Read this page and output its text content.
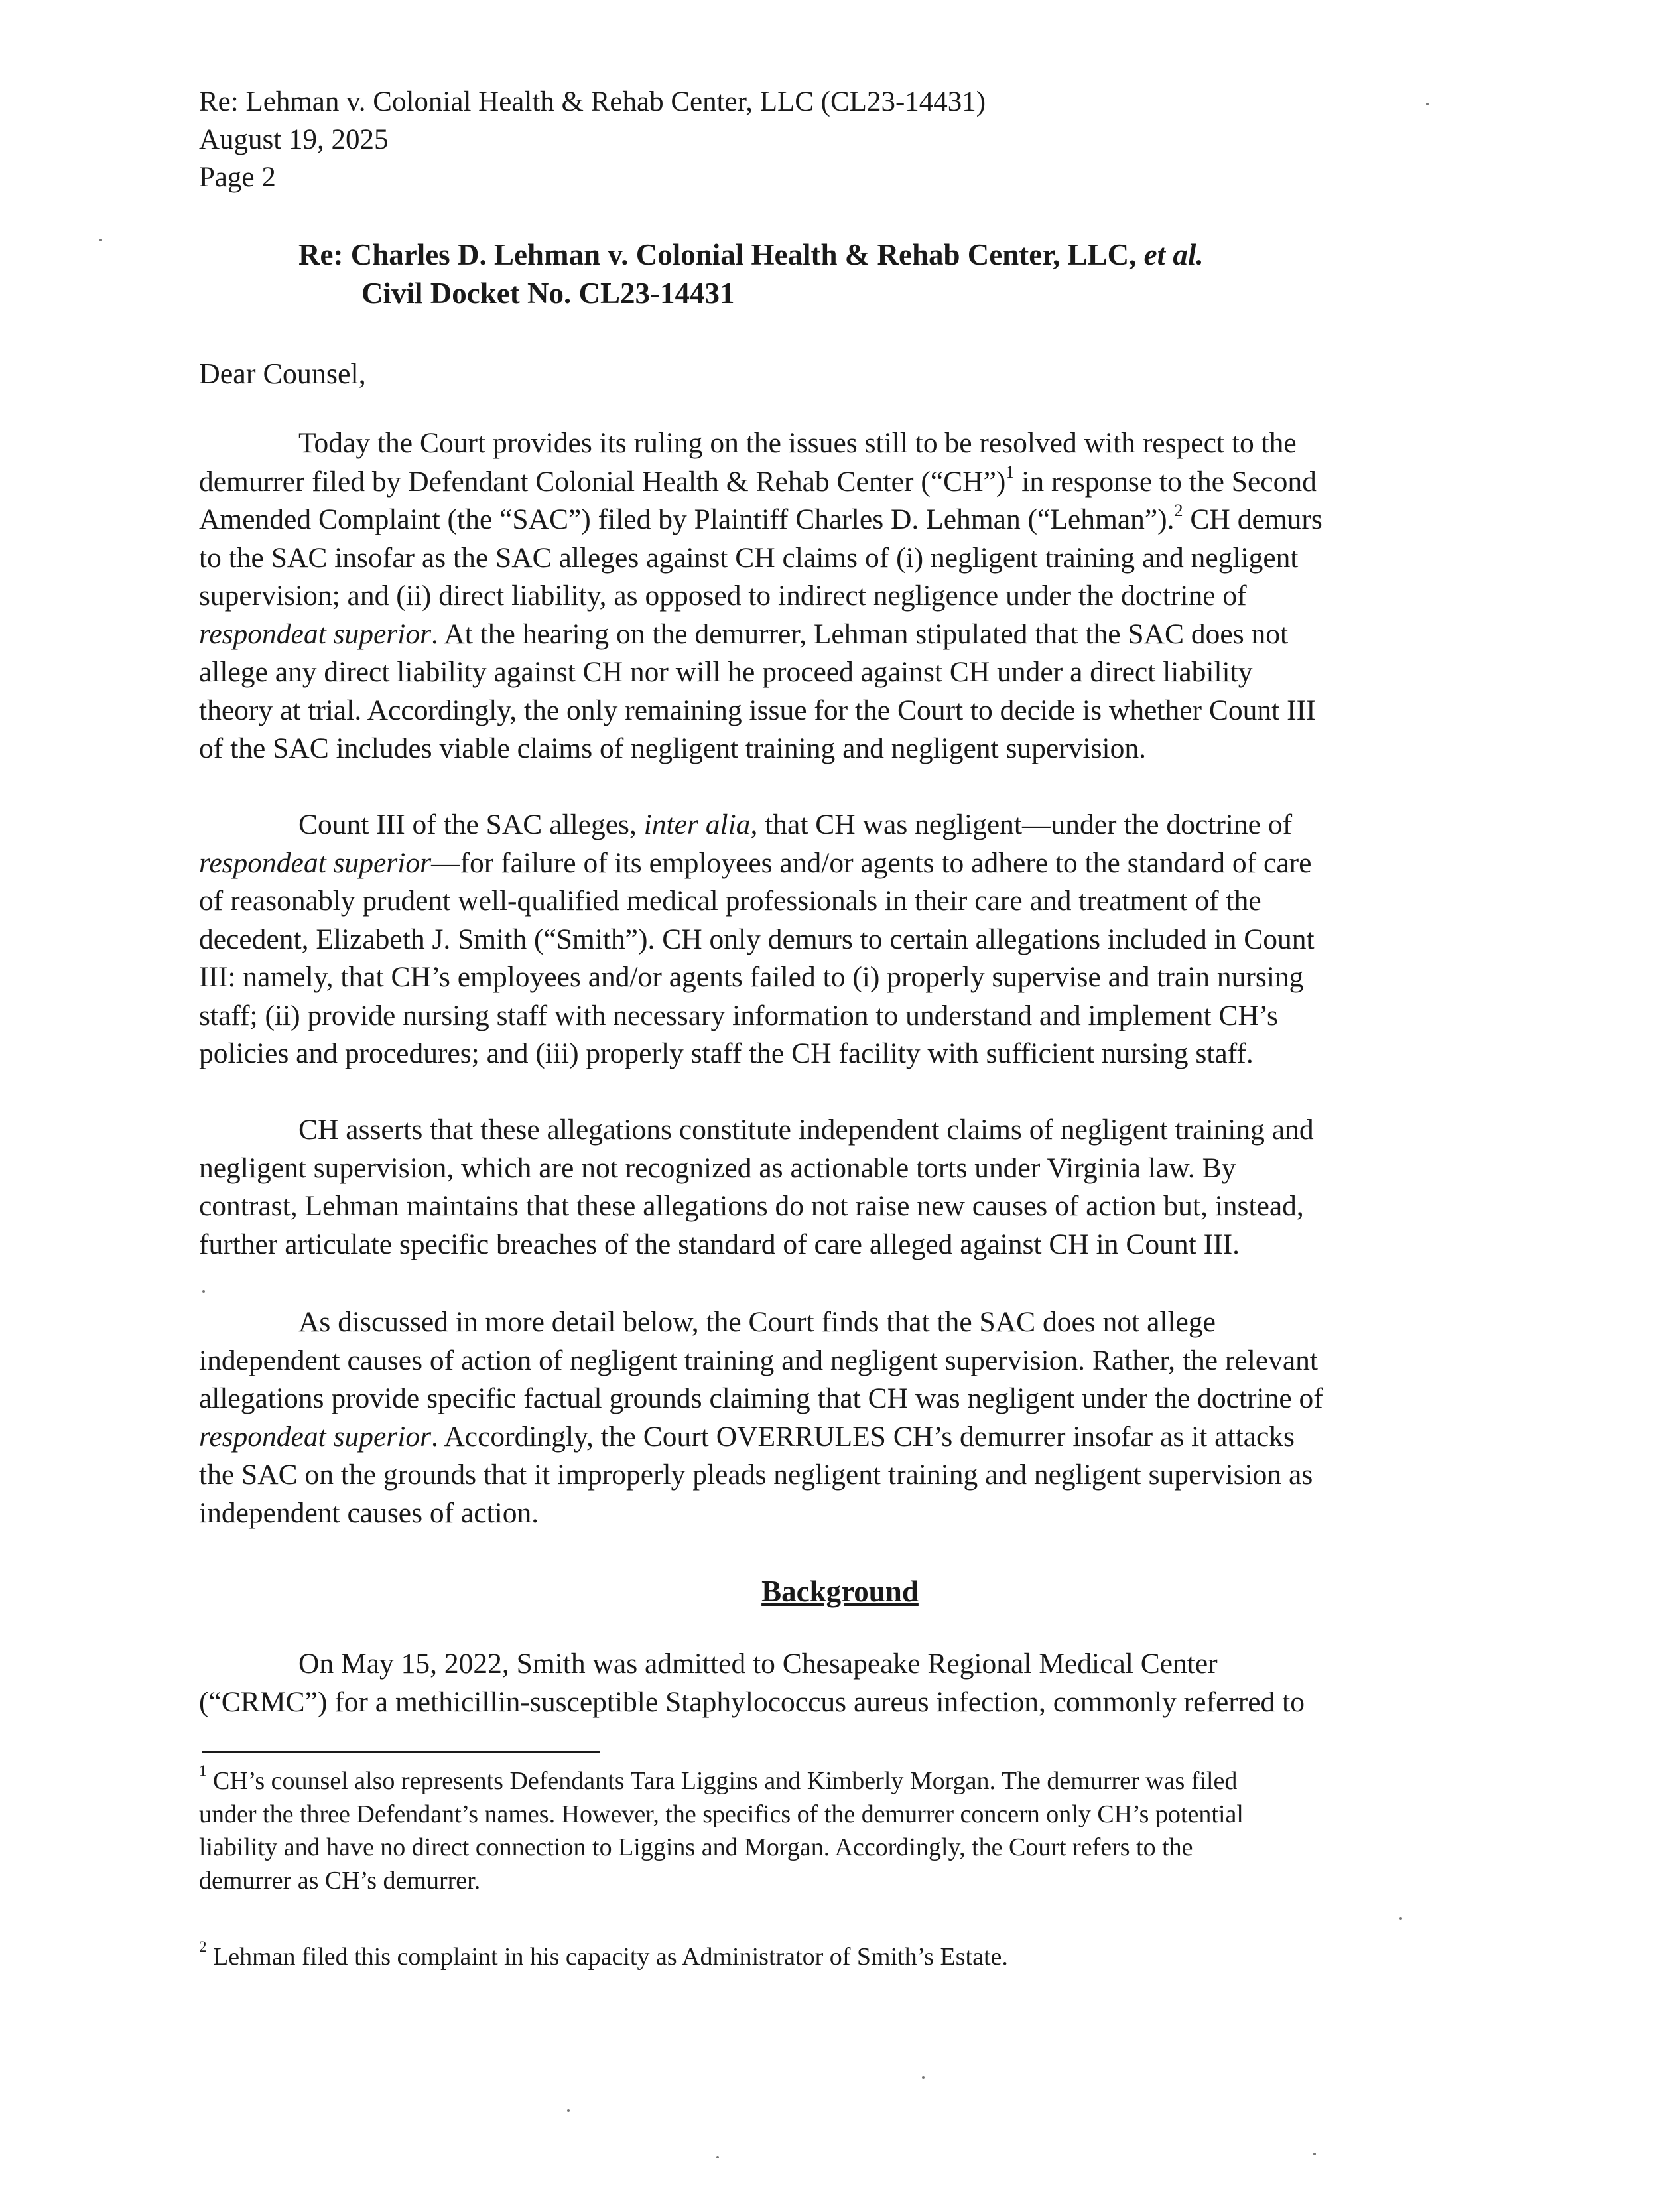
Re: Lehman v. Colonial Health & Rehab Center, LLC (CL23-14431)
August 19, 2025
Page 2
Re: Charles D. Lehman v. Colonial Health & Rehab Center, LLC, et al.
Civil Docket No. CL23-14431
Dear Counsel,
Today the Court provides its ruling on the issues still to be resolved with respect to the
demurrer filed by Defendant Colonial Health & Rehab Center (“CH”)$^1$ in response to the Second
Amended Complaint (the “SAC”) filed by Plaintiff Charles D. Lehman (“Lehman”).$^2$ CH demurs
to the SAC insofar as the SAC alleges against CH claims of (i) negligent training and negligent
supervision; and (ii) direct liability, as opposed to indirect negligence under the doctrine of
respondeat superior. At the hearing on the demurrer, Lehman stipulated that the SAC does not
allege any direct liability against CH nor will he proceed against CH under a direct liability
theory at trial. Accordingly, the only remaining issue for the Court to decide is whether Count III
of the SAC includes viable claims of negligent training and negligent supervision.
Count III of the SAC alleges, inter alia, that CH was negligent—under the doctrine of
respondeat superior—for failure of its employees and/or agents to adhere to the standard of care
of reasonably prudent well-qualified medical professionals in their care and treatment of the
decedent, Elizabeth J. Smith (“Smith”). CH only demurs to certain allegations included in Count
III: namely, that CH’s employees and/or agents failed to (i) properly supervise and train nursing
staff; (ii) provide nursing staff with necessary information to understand and implement CH’s
policies and procedures; and (iii) properly staff the CH facility with sufficient nursing staff.
CH asserts that these allegations constitute independent claims of negligent training and
negligent supervision, which are not recognized as actionable torts under Virginia law. By
contrast, Lehman maintains that these allegations do not raise new causes of action but, instead,
further articulate specific breaches of the standard of care alleged against CH in Count III.
As discussed in more detail below, the Court finds that the SAC does not allege
independent causes of action of negligent training and negligent supervision. Rather, the relevant
allegations provide specific factual grounds claiming that CH was negligent under the doctrine of
respondeat superior. Accordingly, the Court OVERRULES CH’s demurrer insofar as it attacks
the SAC on the grounds that it improperly pleads negligent training and negligent supervision as
independent causes of action.
Background
On May 15, 2022, Smith was admitted to Chesapeake Regional Medical Center
(“CRMC”) for a methicillin-susceptible Staphylococcus aureus infection, commonly referred to
$^1$ CH’s counsel also represents Defendants Tara Liggins and Kimberly Morgan. The demurrer was filed
under the three Defendant’s names. However, the specifics of the demurrer concern only CH’s potential
liability and have no direct connection to Liggins and Morgan. Accordingly, the Court refers to the
demurrer as CH’s demurrer.
$^2$ Lehman filed this complaint in his capacity as Administrator of Smith’s Estate.
